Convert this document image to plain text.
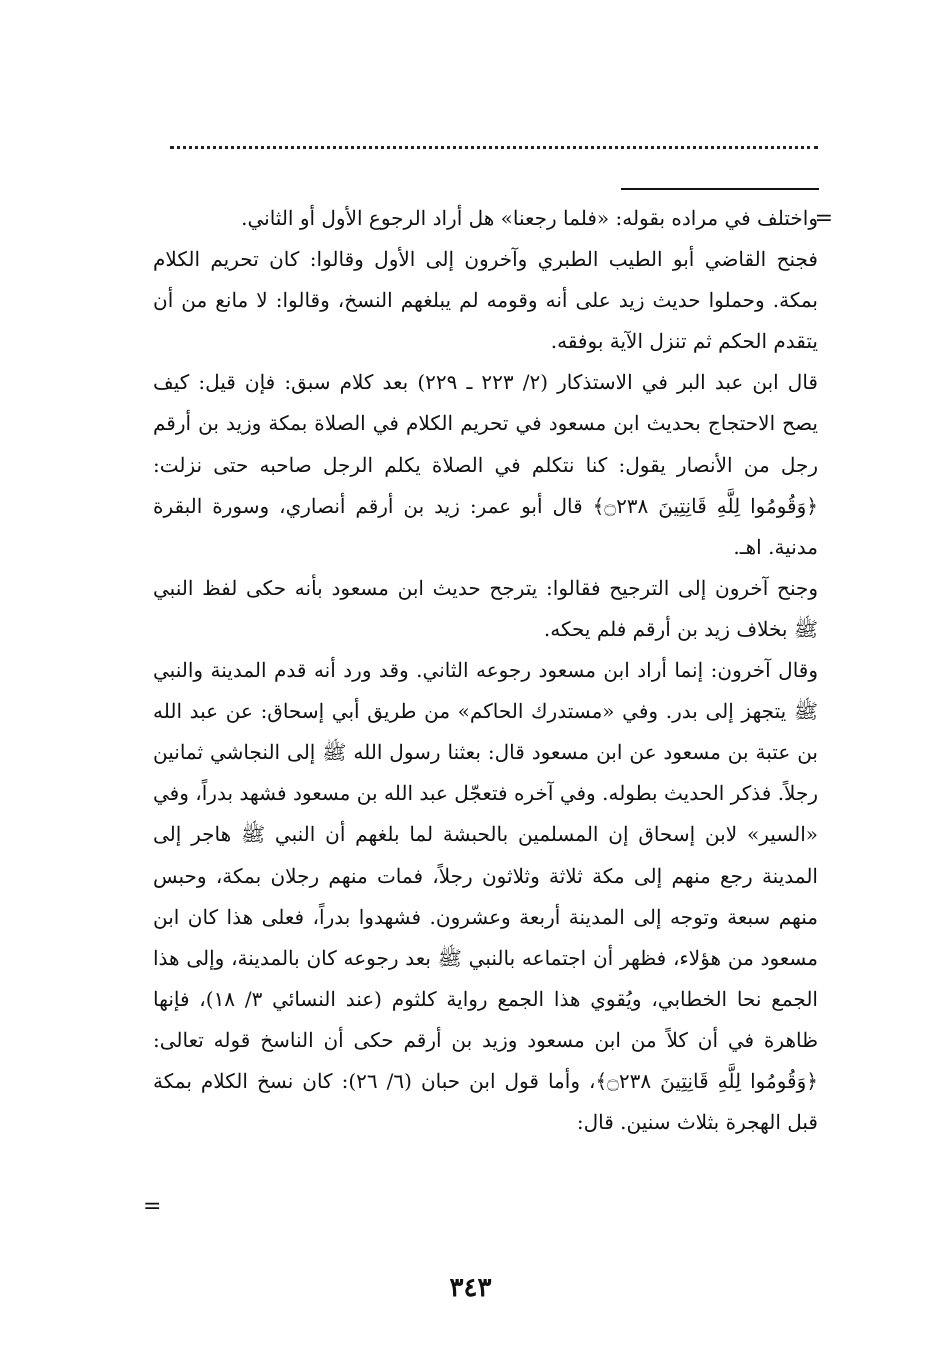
=

واختلف في مراده بقوله: «فلما رجعنا» هل أراد الرجوع الأول أو الثاني.

فجنح القاضي أبو الطيب الطبري وآخرون إلى الأول وقالوا: كان تحريم الكلام بمكة. وحملوا حديث زيد على أنه وقومه لم يبلغهم النسخ، وقالوا: لا مانع من أن يتقدم الحكم ثم تنزل الآية بوفقه.

قال ابن عبد البر في الاستذكار (٢/ ٢٢٣ ـ ٢٢٩) بعد كلام سبق: فإن قيل: كيف يصح الاحتجاج بحديث ابن مسعود في تحريم الكلام في الصلاة بمكة وزيد بن أرقم رجل من الأنصار يقول: كنا نتكلم في الصلاة يكلم الرجل صاحبه حتى نزلت: ﴿وَقُومُوا لِلَّهِ قَانِتِينَ ۝٢٣٨﴾ قال أبو عمر: زيد بن أرقم أنصاري، وسورة البقرة مدنية. اهـ.

وجنح آخرون إلى الترجيح فقالوا: يترجح حديث ابن مسعود بأنه حكى لفظ النبي ﷺ بخلاف زيد بن أرقم فلم يحكه.

وقال آخرون: إنما أراد ابن مسعود رجوعه الثاني. وقد ورد أنه قدم المدينة والنبي ﷺ يتجهز إلى بدر. وفي «مستدرك الحاكم» من طريق أبي إسحاق: عن عبد الله بن عتبة بن مسعود عن ابن مسعود قال: بعثنا رسول الله ﷺ إلى النجاشي ثمانين رجلاً. فذكر الحديث بطوله. وفي آخره فتعجّل عبد الله بن مسعود فشهد بدراً، وفي «السير» لابن إسحاق إن المسلمين بالحبشة لما بلغهم أن النبي ﷺ هاجر إلى المدينة رجع منهم إلى مكة ثلاثة وثلاثون رجلاً، فمات منهم رجلان بمكة، وحبس منهم سبعة وتوجه إلى المدينة أربعة وعشرون. فشهدوا بدراً، فعلى هذا كان ابن مسعود من هؤلاء، فظهر أن اجتماعه بالنبي ﷺ بعد رجوعه كان بالمدينة، وإلى هذا الجمع نحا الخطابي، ويُقوي هذا الجمع رواية كلثوم (عند النسائي ٣/ ١٨)، فإنها ظاهرة في أن كلاً من ابن مسعود وزيد بن أرقم حكى أن الناسخ قوله تعالى: ﴿وَقُومُوا لِلَّهِ قَانِتِينَ ۝٢٣٨﴾، وأما قول ابن حبان (٦/ ٢٦): كان نسخ الكلام بمكة قبل الهجرة بثلاث سنين. قال:

=
٣٤٣
